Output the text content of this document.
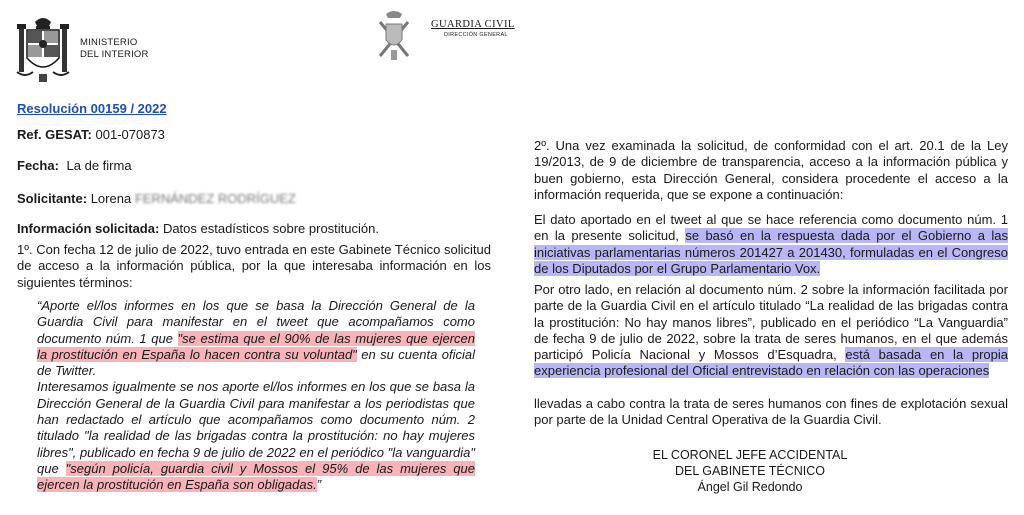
MINISTERIO
DEL INTERIOR
GUARDIA CIVIL
DIRECCIÓN GENERAL
Resolución 00159 / 2022
Ref. GESAT: 001-070873
Fecha: La de firma
Solicitante: Lorena FERNÁNDEZ RODRÍGUEZ
Información solicitada: Datos estadísticos sobre prostitución.
1º. Con fecha 12 de julio de 2022, tuvo entrada en este Gabinete Técnico solicitud de acceso a la información pública, por la que interesaba información en los siguientes términos:
“Aporte el/los informes en los que se basa la Dirección General de la Guardia Civil para manifestar en el tweet que acompañamos como documento núm. 1 que "se estima que el 90% de las mujeres que ejercen la prostitución en España lo hacen contra su voluntad" en su cuenta oficial de Twitter.
Interesamos igualmente se nos aporte el/los informes en los que se basa la Dirección General de la Guardia Civil para manifestar a los periodistas que han redactado el artículo que acompañamos como documento núm. 2 titulado "la realidad de las brigadas contra la prostitución: no hay mujeres libres", publicado en fecha 9 de julio de 2022 en el periódico "la vanguardia" que "según policía, guardia civil y Mossos el 95% de las mujeres que ejercen la prostitución en España son obligadas.”
2º. Una vez examinada la solicitud, de conformidad con el art. 20.1 de la Ley 19/2013, de 9 de diciembre de transparencia, acceso a la información pública y buen gobierno, esta Dirección General, considera procedente el acceso a la información requerida, que se expone a continuación:
El dato aportado en el tweet al que se hace referencia como documento núm. 1 en la presente solicitud, se basó en la respuesta dada por el Gobierno a las iniciativas parlamentarias números 201427 a 201430, formuladas en el Congreso de los Diputados por el Grupo Parlamentario Vox.
Por otro lado, en relación al documento núm. 2 sobre la información facilitada por parte de la Guardia Civil en el artículo titulado “La realidad de las brigadas contra la prostitución: No hay manos libres”, publicado en el periódico “La Vanguardia” de fecha 9 de julio de 2022, sobre la trata de seres humanos, en el que además participó Policía Nacional y Mossos d’Esquadra, está basada en la propia experiencia profesional del Oficial entrevistado en relación con las operaciones
llevadas a cabo contra la trata de seres humanos con fines de explotación sexual por parte de la Unidad Central Operativa de la Guardia Civil.
EL CORONEL JEFE ACCIDENTAL
DEL GABINETE TÉCNICO
Ángel Gil Redondo
